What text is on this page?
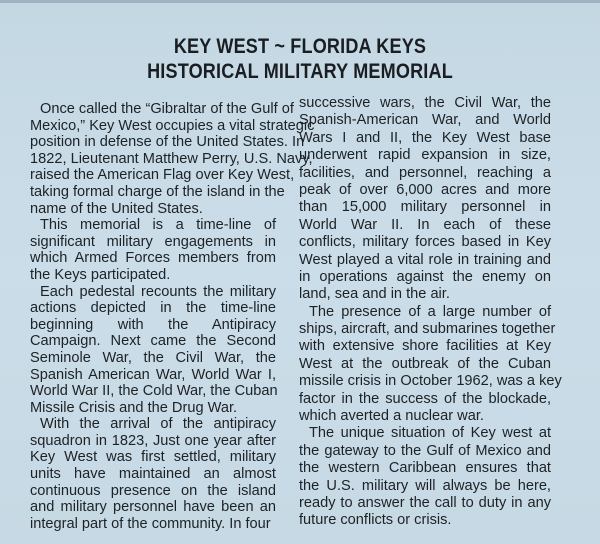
KEY WEST ~ FLORIDA KEYS
HISTORICAL MILITARY MEMORIAL
Once called the “Gibraltar of the Gulf of
Mexico,” Key West occupies a vital strategic
position in defense of the United States. In
1822, Lieutenant Matthew Perry, U.S. Navy,
raised the American Flag over Key West,
taking formal charge of the island in the
name of the United States.
This memorial is a time-line of
significant military engagements in
which Armed Forces members from
the Keys participated.
Each pedestal recounts the military
actions depicted in the time-line
beginning with the Antipiracy
Campaign. Next came the Second
Seminole War, the Civil War, the
Spanish American War, World War I,
World War II, the Cold War, the Cuban
Missile Crisis and the Drug War.
With the arrival of the antipiracy
squadron in 1823, Just one year after
Key West was first settled, military
units have maintained an almost
continuous presence on the island
and military personnel have been an
integral part of the community. In four
successive wars, the Civil War, the
Spanish-American War, and World
Wars I and II, the Key West base
underwent rapid expansion in size,
facilities, and personnel, reaching a
peak of over 6,000 acres and more
than 15,000 military personnel in
World War II. In each of these
conflicts, military forces based in Key
West played a vital role in training and
in operations against the enemy on
land, sea and in the air.
The presence of a large number of
ships, aircraft, and submarines together
with extensive shore facilities at Key
West at the outbreak of the Cuban
missile crisis in October 1962, was a key
factor in the success of the blockade,
which averted a nuclear war.
The unique situation of Key west at
the gateway to the Gulf of Mexico and
the western Caribbean ensures that
the U.S. military will always be here,
ready to answer the call to duty in any
future conflicts or crisis.
